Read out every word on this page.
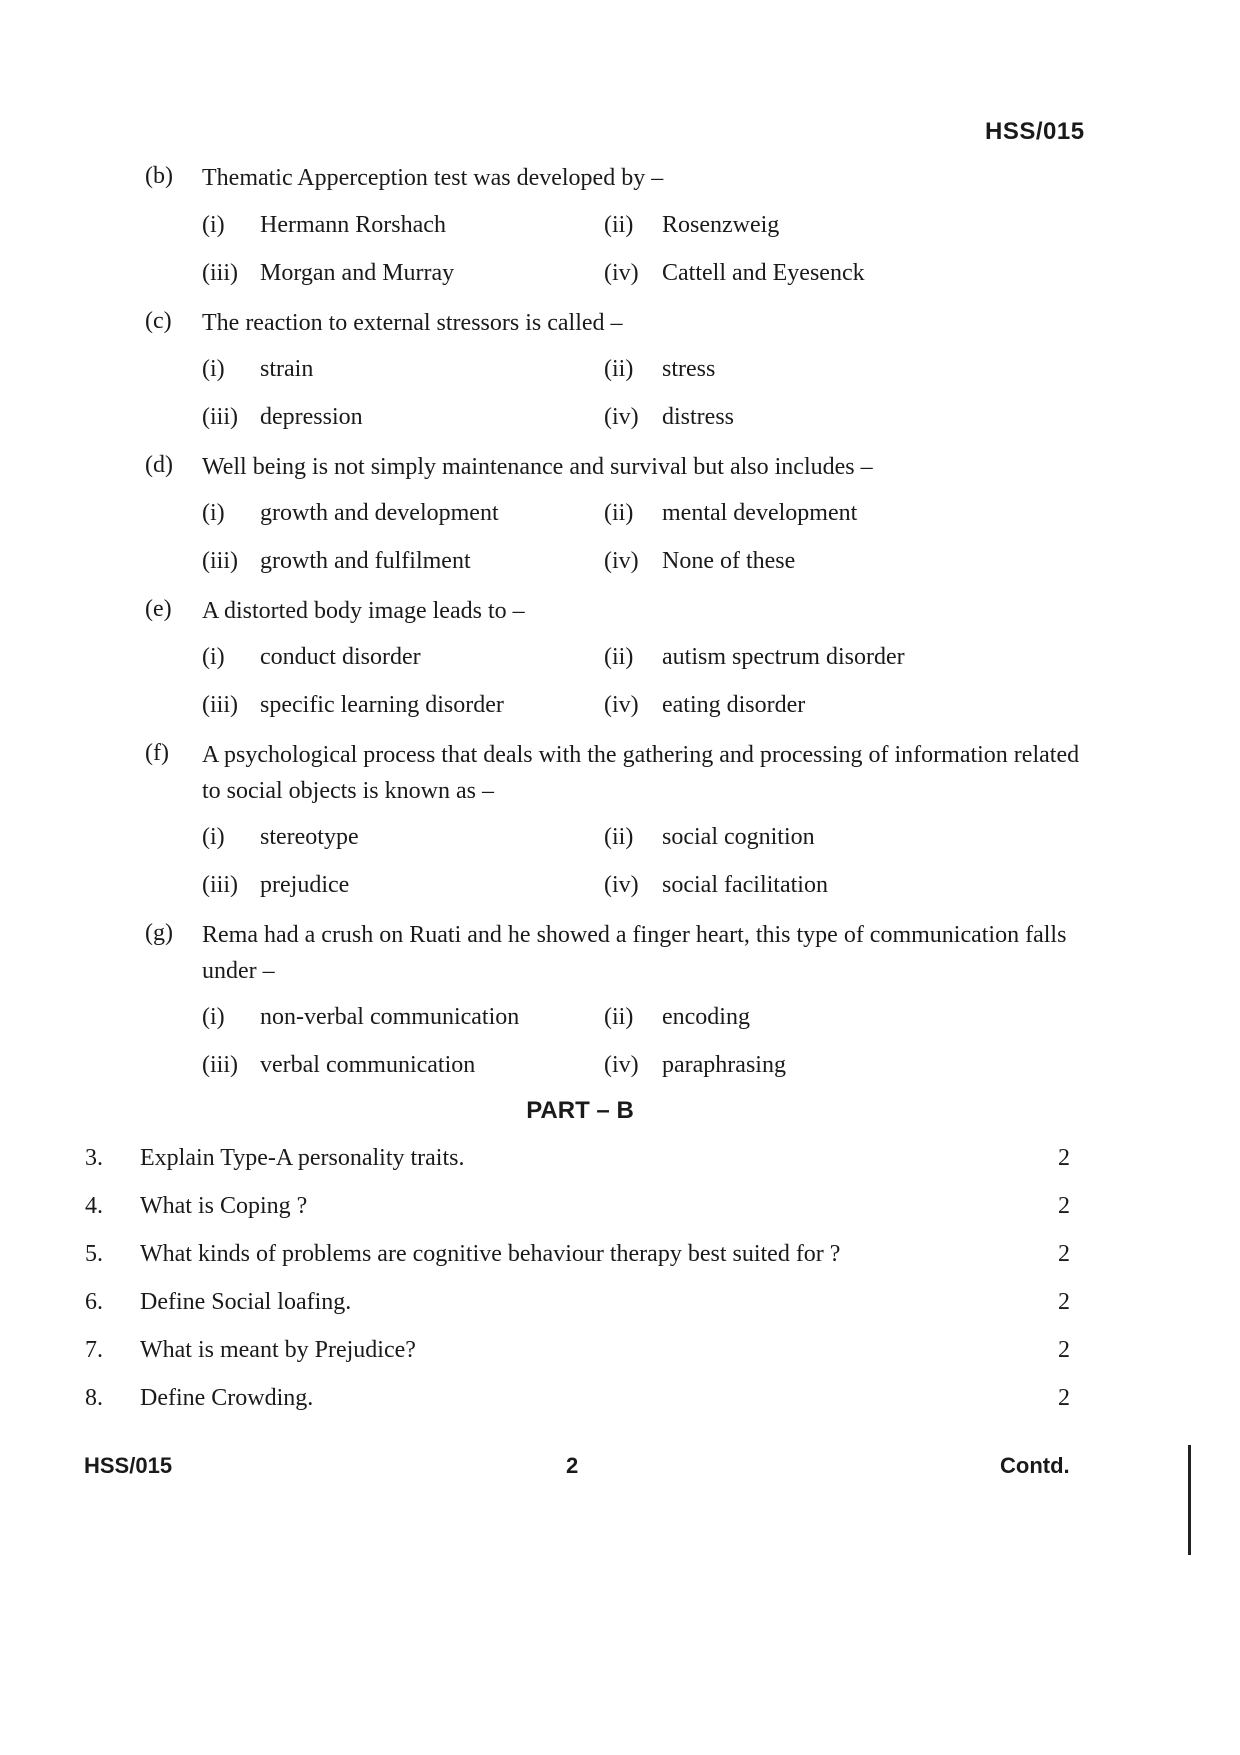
HSS/015
(b) Thematic Apperception test was developed by –
(i) Hermann Rorshach	(ii) Rosenzweig
(iii) Morgan and Murray	(iv) Cattell and Eyesenck
(c) The reaction to external stressors is called –
(i) strain	(ii) stress
(iii) depression	(iv) distress
(d) Well being is not simply maintenance and survival but also includes –
(i) growth and development	(ii) mental development
(iii) growth and fulfilment	(iv) None of these
(e) A distorted body image leads to –
(i) conduct disorder	(ii) autism spectrum disorder
(iii) specific learning disorder	(iv) eating disorder
(f) A psychological process that deals with the gathering and processing of information related to social objects is known as –
(i) stereotype	(ii) social cognition
(iii) prejudice	(iv) social facilitation
(g) Rema had a crush on Ruati and he showed a finger heart, this type of communication falls under –
(i) non-verbal communication	(ii) encoding
(iii) verbal communication	(iv) paraphrasing
PART – B
3. Explain Type-A personality traits.	2
4. What is Coping ?	2
5. What kinds of problems are cognitive behaviour therapy best suited for ?	2
6. Define Social loafing.	2
7. What is meant by Prejudice?	2
8. Define Crowding.	2
HSS/015	2	Contd.
